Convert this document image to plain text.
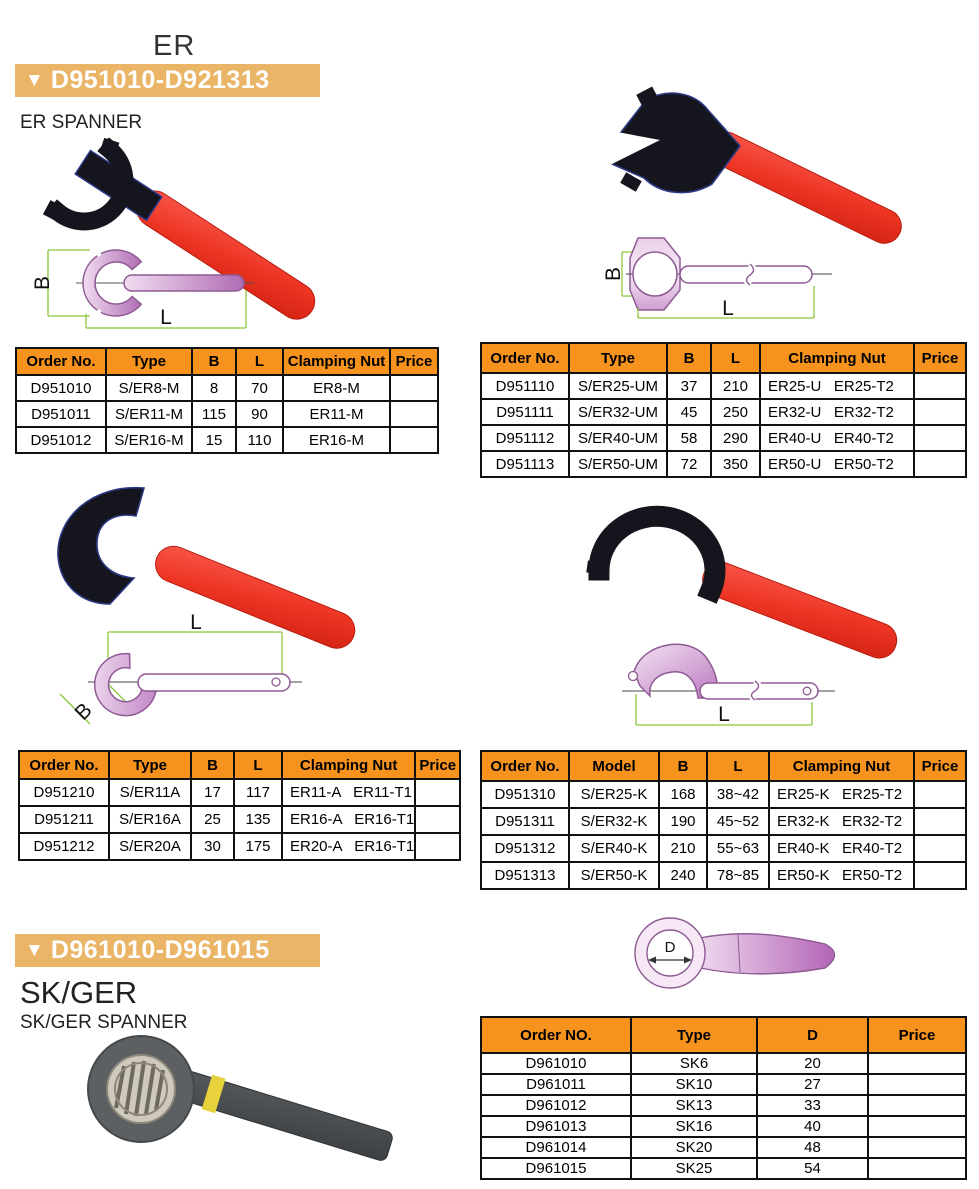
ER
▼ D951010-D921313
ER SPANNER
B
L
B
L
Order No.	Type	B	L	Clamping Nut	Price
D951010	S/ER8-M	8	70	ER8-M	
D951011	S/ER11-M	115	90	ER11-M	
D951012	S/ER16-M	15	110	ER16-M	
Order No.	Type	B	L	Clamping Nut	Price
D951110	S/ER25-UM	37	210	ER25-U   ER25-T2	
D951111	S/ER32-UM	45	250	ER32-U   ER32-T2	
D951112	S/ER40-UM	58	290	ER40-U   ER40-T2	
D951113	S/ER50-UM	72	350	ER50-U   ER50-T2	
B
L
L
Order No.	Type	B	L	Clamping Nut	Price
D951210	S/ER11A	17	117	ER11-A   ER11-T1	
D951211	S/ER16A	25	135	ER16-A   ER16-T1	
D951212	S/ER20A	30	175	ER20-A   ER16-T1	
Order No.	Model	B	L	Clamping Nut	Price
D951310	S/ER25-K	168	38~42	ER25-K   ER25-T2	
D951311	S/ER32-K	190	45~52	ER32-K   ER32-T2	
D951312	S/ER40-K	210	55~63	ER40-K   ER40-T2	
D951313	S/ER50-K	240	78~85	ER50-K   ER50-T2	
▼ D961010-D961015
SK/GER
SK/GER SPANNER
D
Order NO.	Type	D	Price
D961010	SK6	20	
D961011	SK10	27	
D961012	SK13	33	
D961013	SK16	40	
D961014	SK20	48	
D961015	SK25	54	
